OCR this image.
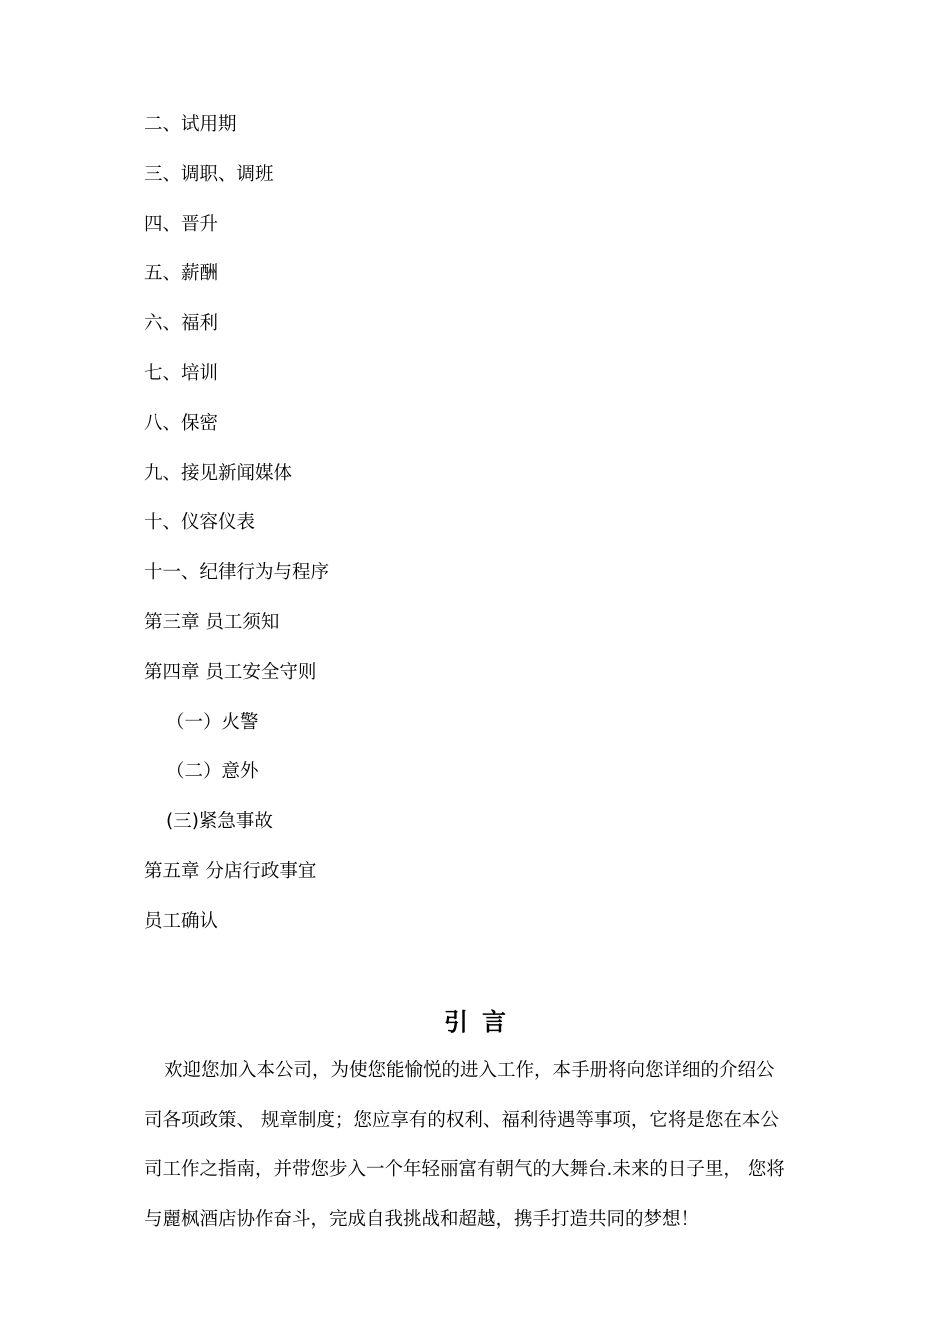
二、试用期
三、调职、调班
四、晋升
五、薪酬
六、福利
七、培训
八、保密
九、接见新闻媒体
十、仪容仪表
十一、纪律行为与程序
第三章 员工须知
第四章 员工安全守则
（一）火警
（二）意外
(三)紧急事故
第五章 分店行政事宜
员工确认
引言
欢迎您加入本公司，为使您能愉悦的进入工作，本手册将向您详细的介绍公
司各项政策、 规章制度；您应享有的权利、福利待遇等事项，它将是您在本公
司工作之指南，并带您步入一个年轻丽富有朝气的大舞台.未来的日子里， 您将
与麗枫酒店协作奋斗，完成自我挑战和超越，携手打造共同的梦想！
